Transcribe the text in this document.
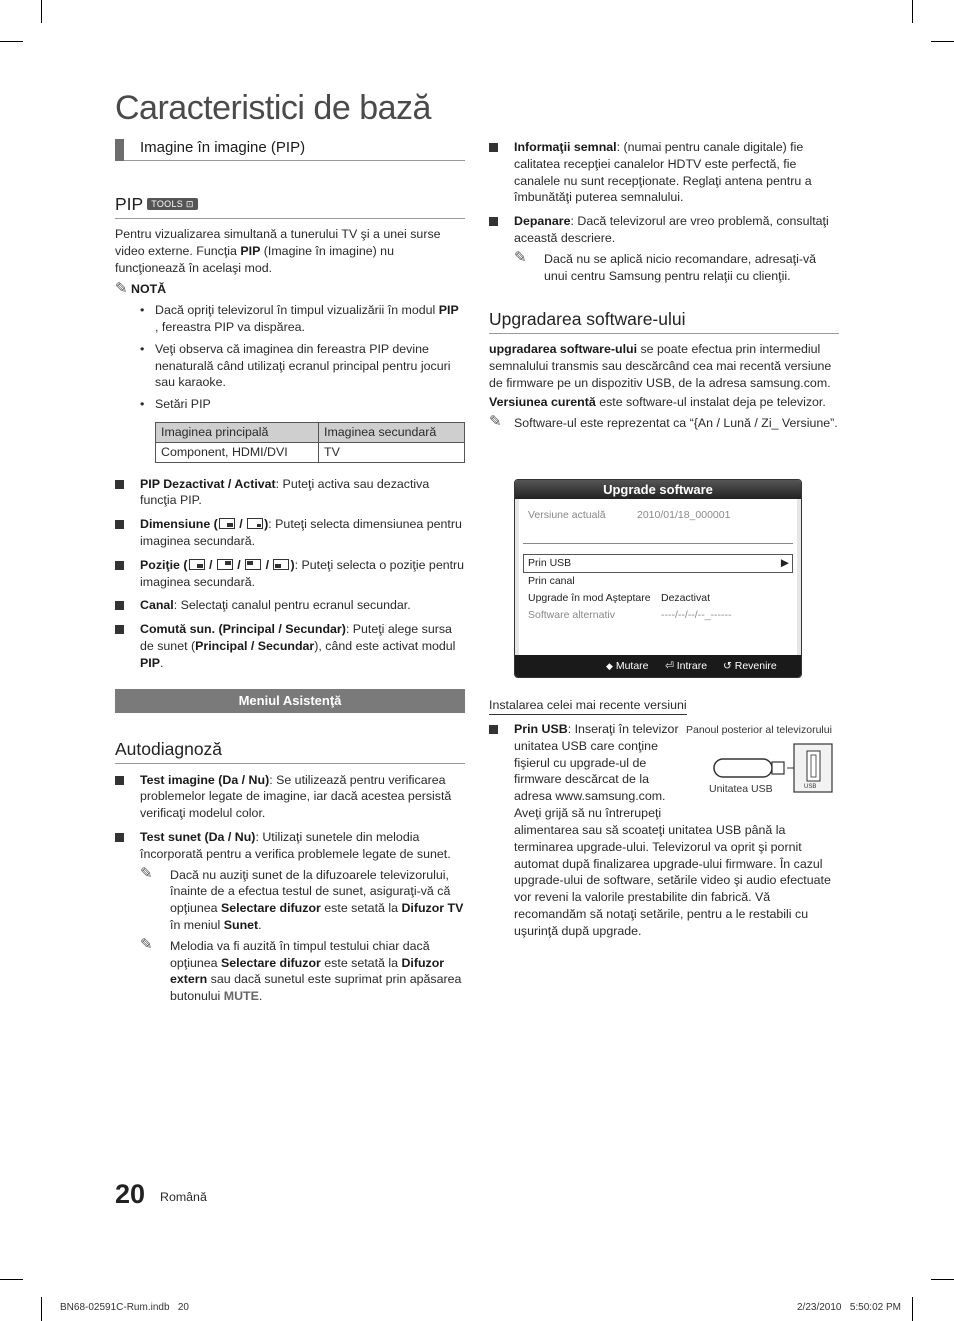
Caracteristici de bază
Imagine în imagine (PIP)
PIP TOOLS ⊡

Pentru vizualizarea simultană a tunerului TV şi a unei surse video externe. Funcţia PIP (Imagine în imagine) nu funcţionează în acelaşi mod.

✎ NOTĂ
• Dacă opriţi televizorul în timpul vizualizării în modul PIP , fereastra PIP va dispărea.
• Veţi observa că imaginea din fereastra PIP devine nenaturală când utilizaţi ecranul principal pentru jocuri sau karaoke.
• Setări PIP
Imaginea principală	Imaginea secundară
Component, HDMI/DVI	TV
PIP Dezactivat / Activat: Puteţi activa sau dezactiva funcţia PIP.
Dimensiune (
/
): Puteţi selecta dimensiunea pentru imaginea secundară.
Poziţie (
/
/
/
): Puteţi selecta o poziţie pentru imaginea secundară.
Canal: Selectaţi canalul pentru ecranul secundar.
Comută sun. (Principal / Secundar): Puteţi alege sursa de sunet (Principal / Secundar), când este activat modul PIP.
Meniul Asistenţă
Autodiagnoză
Test imagine (Da / Nu): Se utilizează pentru verificarea problemelor legate de imagine, iar dacă acestea persistă verificaţi modelul color.
Test sunet (Da / Nu): Utilizaţi sunetele din melodia încorporată pentru a verifica problemele legate de sunet.
✎ Dacă nu auziţi sunet de la difuzoarele televizorului, înainte de a efectua testul de sunet, asiguraţi-vă că opţiunea Selectare difuzor este setată la Difuzor TV în meniul Sunet.
✎ Melodia va fi auzită în timpul testului chiar dacă opţiunea Selectare difuzor este setată la Difuzor extern sau dacă sunetul este suprimat prin apăsarea butonului MUTE.
Informaţii semnal: (numai pentru canale digitale) fie calitatea recepţiei canalelor HDTV este perfectă, fie canalele nu sunt recepţionate. Reglaţi antena pentru a îmbunătăţi puterea semnalului.
Depanare: Dacă televizorul are vreo problemă, consultaţi această descriere.
✎ Dacă nu se aplică nicio recomandare, adresaţi-vă unui centru Samsung pentru relaţii cu clienţii.
Upgradarea software-ului

upgradarea software-ului se poate efectua prin intermediul semnalului transmis sau descărcând cea mai recentă versiune de firmware pe un dispozitiv USB, de la adresa samsung.com.

Versiunea curentă este software-ul instalat deja pe televizor.

✎ Software-ul este reprezentat ca “{An / Lună / Zi_ Versiune”.
Upgrade software
Versiune actuală	2010/01/18_000001
Prin USB	▶
Prin canal
Upgrade în mod Aşteptare Dezactivat
Software alternativ	----/--/--/--_------
◆ Mutare ⏎ Intrare ↺ Revenire
Instalarea celei mai recente versiuni
Prin USB: Inseraţi în televizor unitatea USB care conţine fişierul cu upgrade-ul de firmware descărcat de la adresa www.samsung.com. Aveţi grijă să nu întrerupeţi
alimentarea sau să scoateţi unitatea USB până la terminarea upgrade-ului. Televizorul va oprit şi pornit automat după finalizarea upgrade-ului firmware. În cazul upgrade-ului de software, setările video şi audio efectuate vor reveni la valorile prestabilite din fabrică. Vă recomandăm să notaţi setările, pentru a le restabili cu uşurinţă după upgrade.
Panoul posterior al televizorului
Unitatea USB	USB
20 Română
BN68-02591C-Rum.indb   20	2/23/2010   5:50:02 PM
